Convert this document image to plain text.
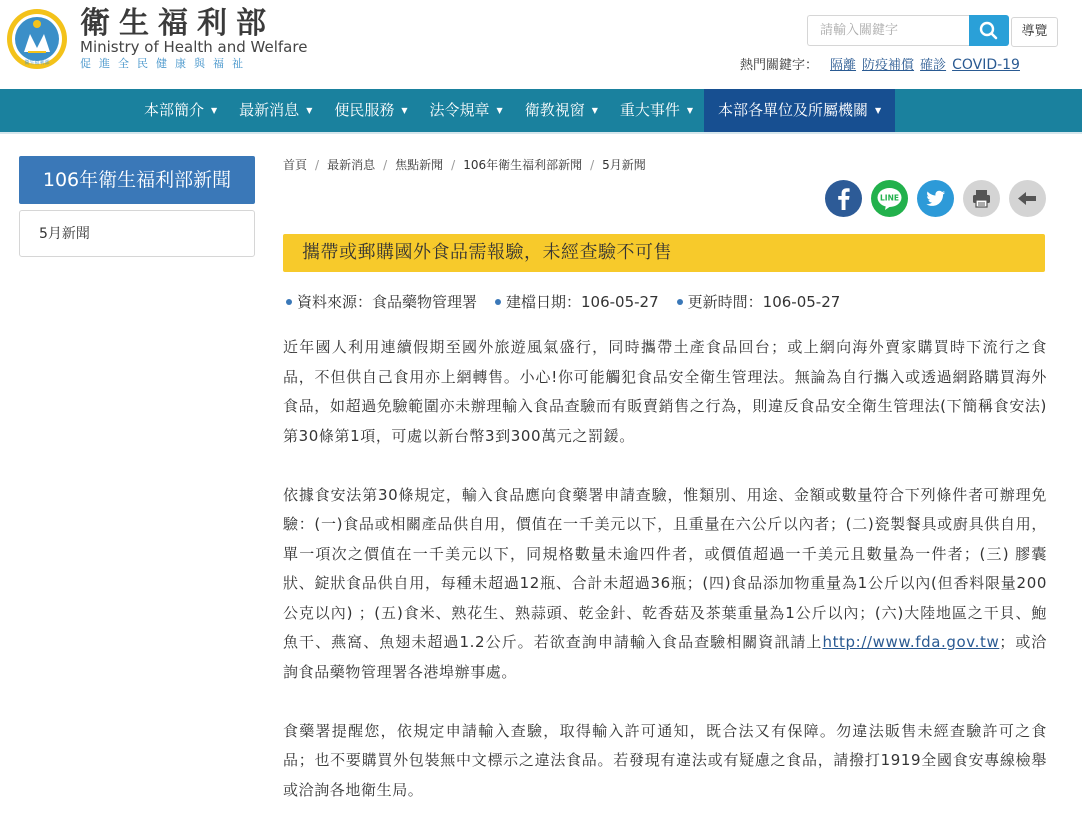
衛生福利部
衛生福利部
Ministry of Health and Welfare
促進全民健康與福祉
請輸入關鍵字
導覽
熱門關鍵字： 隔離 防疫補償 確診 COVID-19
本部簡介 ▼	最新消息 ▼	便民服務 ▼	法令規章 ▼	衛教視窗 ▼	重大事件 ▼	本部各單位及所屬機關 ▼
106年衛生福利部新聞
5月新聞
首頁 / 最新消息 / 焦點新聞 / 106年衛生福利部新聞 / 5月新聞
LINE
攜帶或郵購國外食品需報驗，未經查驗不可售
資料來源：食品藥物管理署 建檔日期：106-05-27 更新時間：106-05-27

近年國人利用連續假期至國外旅遊風氣盛行，同時攜帶土產食品回台；或上網向海外賣家購買時下流行之食品，不但供自己食用亦上網轉售。小心!你可能觸犯食品安全衛生管理法。無論為自行攜入或透過網路購買海外食品，如超過免驗範圍亦未辦理輸入食品查驗而有販賣銷售之行為，則違反食品安全衛生管理法(下簡稱食安法)第30條第1項，可處以新台幣3到300萬元之罰鍰。

依據食安法第30條規定，輸入食品應向食藥署申請查驗，惟類別、用途、金額或數量符合下列條件者可辦理免驗：(一)食品或相關產品供自用，價值在一千美元以下，且重量在六公斤以內者；(二)瓷製餐具或廚具供自用，單一項次之價值在一千美元以下，同規格數量未逾四件者，或價值超過一千美元且數量為一件者；(三) 膠囊狀、錠狀食品供自用，每種未超過12瓶、合計未超過36瓶；(四)食品添加物重量為1公斤以內(但香料限量200公克以內) ；(五)食米、熟花生、熟蒜頭、乾金針、乾香菇及茶葉重量為1公斤以內；(六)大陸地區之干貝、鮑魚干、燕窩、魚翅未超過1.2公斤。若欲查詢申請輸入食品查驗相關資訊請上http://www.fda.gov.tw；或洽詢食品藥物管理署各港埠辦事處。

食藥署提醒您，依規定申請輸入查驗，取得輸入許可通知，既合法又有保障。勿違法販售未經查驗許可之食品；也不要購買外包裝無中文標示之違法食品。若發現有違法或有疑慮之食品，請撥打1919全國食安專線檢舉或洽詢各地衛生局。
